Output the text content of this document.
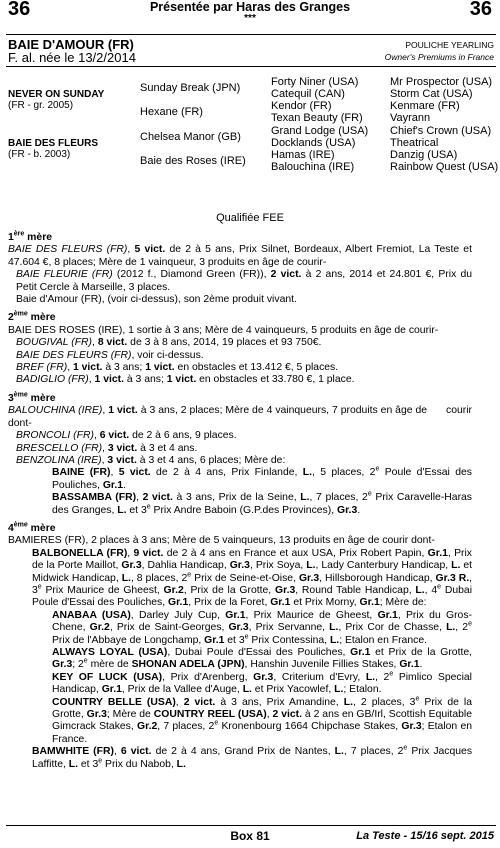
36	36
Présentée par Haras des Granges
***
BAIE D'AMOUR (FR)
F. al. née le 13/2/2014
POULICHE YEARLING
Owner's Premiums in France
NEVER ON SUNDAY
(FR - gr. 2005)
BAIE DES FLEURS
(FR - b. 2003)
Sunday Break (JPN)
Hexane (FR)
Chelsea Manor (GB)
Baie des Roses (IRE)
Forty Niner (USA)
Catequil (CAN)
Kendor (FR)
Texan Beauty (FR)
Grand Lodge (USA)
Docklands (USA)
Hamas (IRE)
Balouchina (IRE)
Mr Prospector (USA)
Storm Cat (USA)
Kenmare (FR)
Vayrann
Chief's Crown (USA)
Theatrical
Danzig (USA)
Rainbow Quest (USA)
Qualifiée FEE
1ère mère

BAIE DES FLEURS (FR), 5 vict. de 2 à 5 ans, Prix Silnet, Bordeaux, Albert Fremiot, La Teste et 47.604 €, 8 places; Mère de 1 vainqueur, 3 produits en âge de courir-

BAIE FLEURIE (FR) (2012 f., Diamond Green (FR)), 2 vict. à 2 ans, 2014 et 24.801 €, Prix du Petit Cercle à Marseille, 3 places.

Baie d'Amour (FR), (voir ci-dessus), son 2ème produit vivant.

2ème mère

BAIE DES ROSES (IRE), 1 sortie à 3 ans; Mère de 4 vainqueurs, 5 produits en âge de courir-

BOUGIVAL (FR), 8 vict. de 3 à 8 ans, 2014, 19 places et 93 750€.

BAIE DES FLEURS (FR), voir ci-dessus.

BREF (FR), 1 vict. à 3 ans; 1 vict. en obstacles et 13.412 €, 5 places.

BADIGLIO (FR), 1 vict. à 3 ans; 1 vict. en obstacles et 33.780 €, 1 place.

3ème mère

BALOUCHINA (IRE), 1 vict. à 3 ans, 2 places; Mère de 4 vainqueurs, 7 produits en âge de courir dont-

BRONCOLI (FR), 6 vict. de 2 à 6 ans, 9 places.

BRESCELLO (FR), 3 vict. à 3 et 4 ans.

BENZOLINA (IRE), 3 vict. à 3 et 4 ans, 6 places; Mère de:

BAINE (FR), 5 vict. de 2 à 4 ans, Prix Finlande, L., 5 places, 2e Poule d'Essai des Pouliches, Gr.1.

BASSAMBA (FR), 2 vict. à 3 ans, Prix de la Seine, L., 7 places, 2e Prix Caravelle-Haras des Granges, L. et 3e Prix Andre Baboin (G.P.des Provinces), Gr.3.

4ème mère

BAMIERES (FR), 2 places à 3 ans; Mère de 5 vainqueurs, 13 produits en âge de courir dont-

BALBONELLA (FR), 9 vict. de 2 à 4 ans en France et aux USA, Prix Robert Papin, Gr.1, Prix de la Porte Maillot, Gr.3, Dahlia Handicap, Gr.3, Prix Soya, L., Lady Canterbury Handicap, L. et Midwick Handicap, L., 8 places, 2e Prix de Seine-et-Oise, Gr.3, Hillsborough Handicap, Gr.3 R., 3e Prix Maurice de Gheest, Gr.2, Prix de la Grotte, Gr.3, Round Table Handicap, L., 4e Dubai Poule d'Essai des Pouliches, Gr.1, Prix de la Foret, Gr.1 et Prix Morny, Gr.1; Mère de:

ANABAA (USA), Darley July Cup, Gr.1, Prix Maurice de Gheest, Gr.1, Prix du Gros-Chene, Gr.2, Prix de Saint-Georges, Gr.3, Prix Servanne, L., Prix Cor de Chasse, L., 2e Prix de l'Abbaye de Longchamp, Gr.1 et 3e Prix Contessina, L.; Etalon en France.

ALWAYS LOYAL (USA), Dubai Poule d'Essai des Pouliches, Gr.1 et Prix de la Grotte, Gr.3; 2e mère de SHONAN ADELA (JPN), Hanshin Juvenile Fillies Stakes, Gr.1.

KEY OF LUCK (USA), Prix d'Arenberg, Gr.3, Criterium d'Evry, L., 2e Pimlico Special Handicap, Gr.1, Prix de la Vallee d'Auge, L. et Prix Yacowlef, L.; Etalon.

COUNTRY BELLE (USA), 2 vict. à 3 ans, Prix Amandine, L., 2 places, 3e Prix de la Grotte, Gr.3; Mère de COUNTRY REEL (USA), 2 vict. à 2 ans en GB/Irl, Scottish Equitable Gimcrack Stakes, Gr.2, 7 places, 2e Kronenbourg 1664 Chipchase Stakes, Gr.3; Etalon en France.

BAMWHITE (FR), 6 vict. de 2 à 4 ans, Grand Prix de Nantes, L., 7 places, 2e Prix Jacques Laffitte, L. et 3e Prix du Nabob, L.

Box 81	La Teste - 15/16 sept. 2015
